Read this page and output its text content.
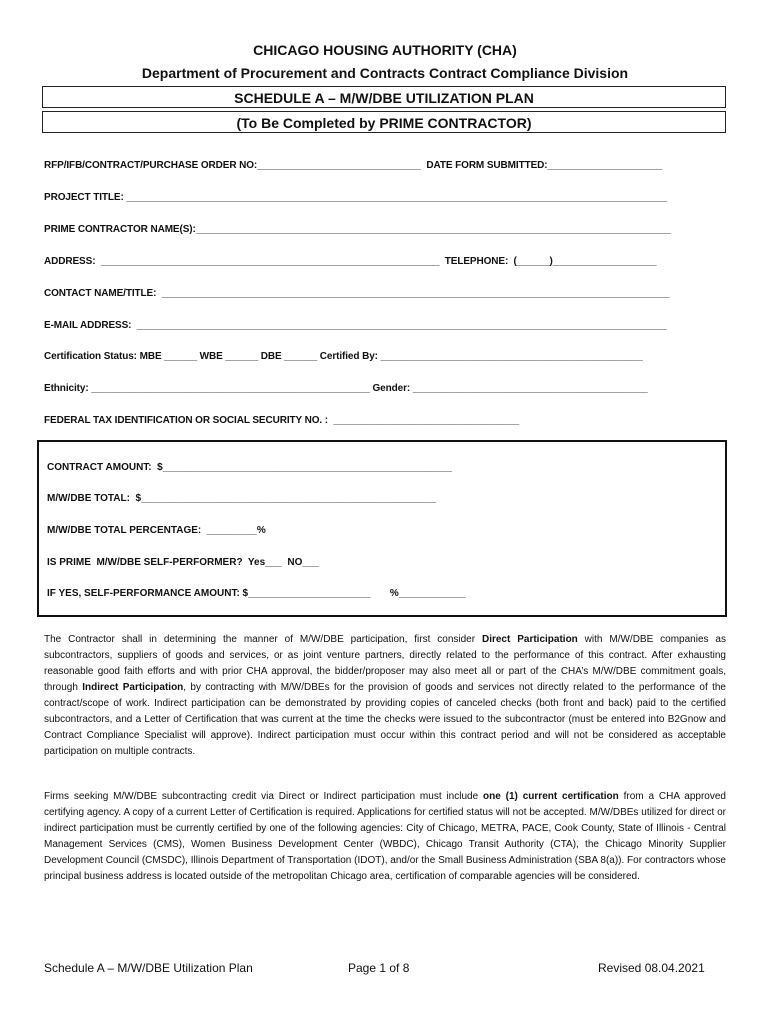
CHICAGO HOUSING AUTHORITY (CHA)
Department of Procurement and Contracts Contract Compliance Division
SCHEDULE A – M/W/DBE UTILIZATION PLAN
(To Be Completed by PRIME CONTRACTOR)
RFP/IFB/CONTRACT/PURCHASE ORDER NO:______________________________  DATE FORM SUBMITTED:_____________________
PROJECT TITLE: ___________________________________________________________________________________________________
PRIME CONTRACTOR NAME(S):_______________________________________________________________________________________
ADDRESS:  ______________________________________________________________  TELEPHONE:  (______)___________________
CONTACT NAME/TITLE:  _____________________________________________________________________________________________
E-MAIL ADDRESS:  _________________________________________________________________________________________________
Certification Status: MBE ______ WBE ______ DBE ______ Certified By: ________________________________________________
Ethnicity: ___________________________________________________ Gender: ___________________________________________
FEDERAL TAX IDENTIFICATION OR SOCIAL SECURITY NO. :  __________________________________
CONTRACT AMOUNT:  $____________________________________________________
M/W/DBE TOTAL:  $_____________________________________________________
M/W/DBE TOTAL PERCENTAGE:  _________%
IS PRIME  M/W/DBE SELF-PERFORMER?  Yes___  NO___
IF YES, SELF-PERFORMANCE AMOUNT: $______________________       %____________

The Contractor shall in determining the manner of M/W/DBE participation, first consider Direct Participation with M/W/DBE companies as subcontractors, suppliers of goods and services, or as joint venture partners, directly related to the performance of this contract. After exhausting reasonable good faith efforts and with prior CHA approval, the bidder/proposer may also meet all or part of the CHA’s M/W/DBE commitment goals, through Indirect Participation, by contracting with M/W/DBEs for the provision of goods and services not directly related to the performance of the contract/scope of work. Indirect participation can be demonstrated by providing copies of canceled checks (both front and back) paid to the certified subcontractors, and a Letter of Certification that was current at the time the checks were issued to the subcontractor (must be entered into B2Gnow and Contract Compliance Specialist will approve). Indirect participation must occur within this contract period and will not be considered as acceptable participation on multiple contracts.

Firms seeking M/W/DBE subcontracting credit via Direct or Indirect participation must include one (1) current certification from a CHA approved certifying agency. A copy of a current Letter of Certification is required. Applications for certified status will not be accepted. M/W/DBEs utilized for direct or indirect participation must be currently certified by one of the following agencies: City of Chicago, METRA, PACE, Cook County, State of Illinois - Central Management Services (CMS), Women Business Development Center (WBDC), Chicago Transit Authority (CTA), the Chicago Minority Supplier Development Council (CMSDC), Illinois Department of Transportation (IDOT), and/or the Small Business Administration (SBA 8(a)). For contractors whose principal business address is located outside of the metropolitan Chicago area, certification of comparable agencies will be considered.

Schedule A – M/W/DBE Utilization Plan	Page 1 of 8	Revised 08.04.2021
